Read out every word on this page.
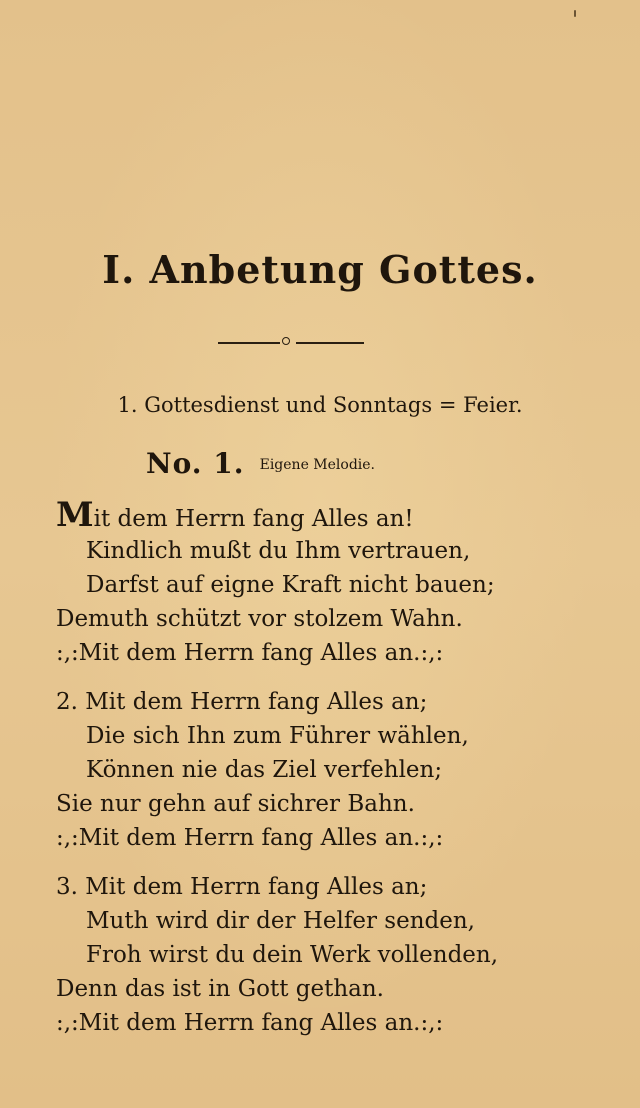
I. Anbetung Gottes.
1. Gottesdienst und Sonntags = Feier.
No. 1. Eigene Melodie.
Mit dem Herrn fang Alles an!
Kindlich mußt du Ihm vertrauen,
Darfst auf eigne Kraft nicht bauen;
Demuth schützt vor stolzem Wahn.
:,:Mit dem Herrn fang Alles an.:,:
2. Mit dem Herrn fang Alles an;
Die sich Ihn zum Führer wählen,
Können nie das Ziel verfehlen;
Sie nur gehn auf sichrer Bahn.
:,:Mit dem Herrn fang Alles an.:,:
3. Mit dem Herrn fang Alles an;
Muth wird dir der Helfer senden,
Froh wirst du dein Werk vollenden,
Denn das ist in Gott gethan.
:,:Mit dem Herrn fang Alles an.:,:
